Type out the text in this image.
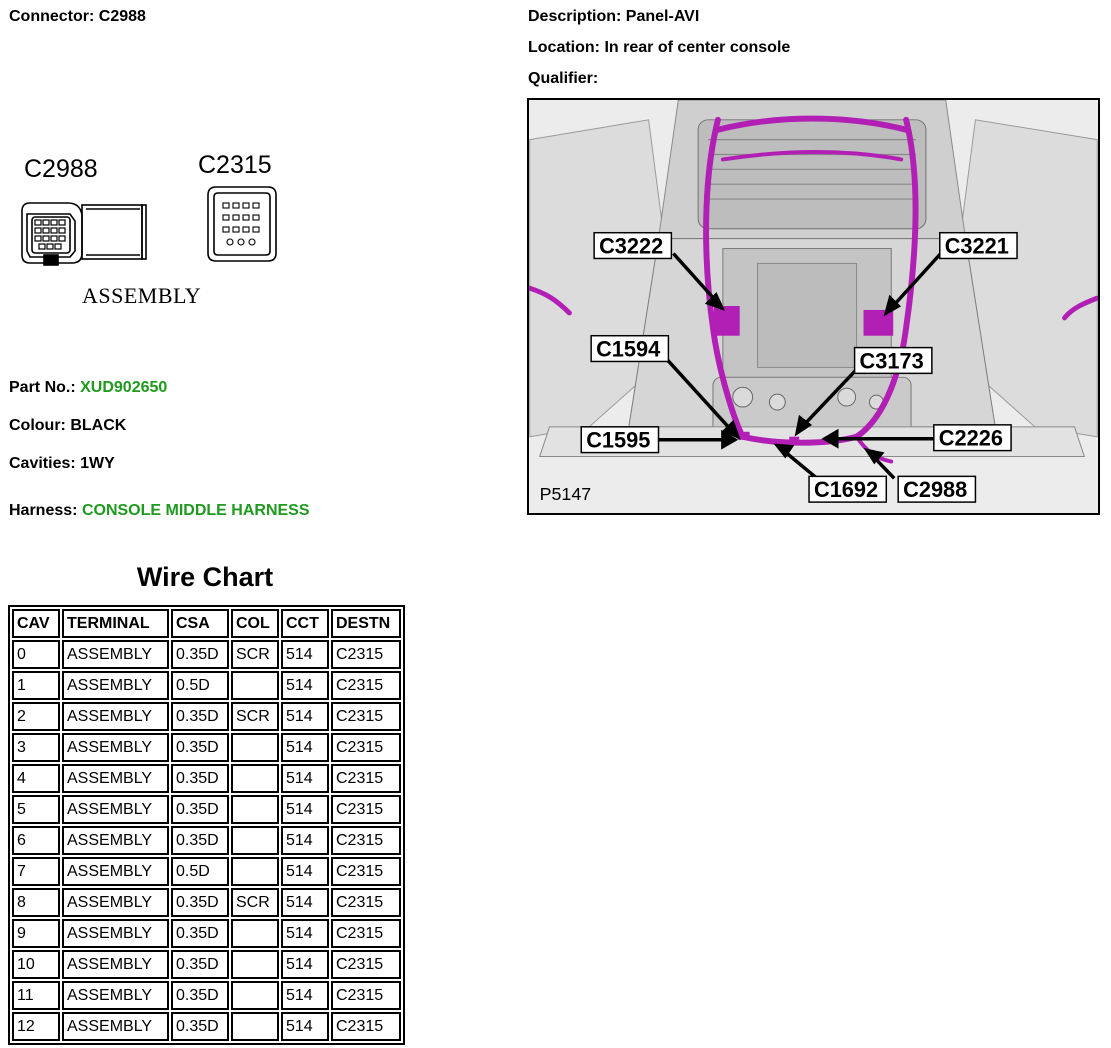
Connector: C2988	Description: Panel-AVI
Location: In rear of center console
Qualifier:
C2988	C2315
ASSEMBLY
Part No.: XUD902650
Colour: BLACK
Cavities: 1WY
Harness: CONSOLE MIDDLE HARNESS
C3222	C3221
C1594	C3173
C1595	C2226
C1692 C2988
P5147
Wire Chart
CAV	TERMINAL	CSA	COL	CCT	DESTN
0	ASSEMBLY	0.35D	SCR	514	C2315
1	ASSEMBLY	0.5D		514	C2315
2	ASSEMBLY	0.35D	SCR	514	C2315
3	ASSEMBLY	0.35D		514	C2315
4	ASSEMBLY	0.35D		514	C2315
5	ASSEMBLY	0.35D		514	C2315
6	ASSEMBLY	0.35D		514	C2315
7	ASSEMBLY	0.5D		514	C2315
8	ASSEMBLY	0.35D	SCR	514	C2315
9	ASSEMBLY	0.35D		514	C2315
10	ASSEMBLY	0.35D		514	C2315
11	ASSEMBLY	0.35D		514	C2315
12	ASSEMBLY	0.35D		514	C2315
